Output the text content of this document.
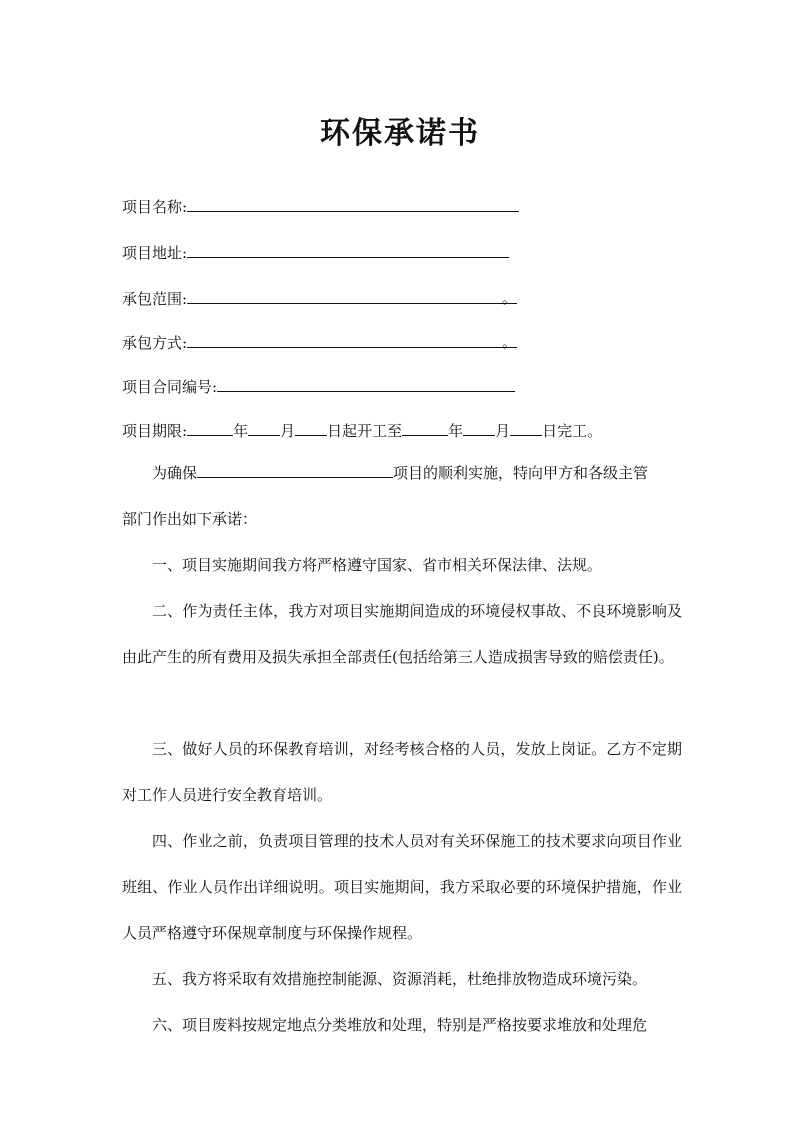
环保承诺书
项目名称:
项目地址:
承包范围:	。
承包方式:	。
项目合同编号:
项目期限:	年 月 日起开工至	年 月 日完工。
为确保	项目的顺利实施，特向甲方和各级主管
部门作出如下承诺：
一、项目实施期间我方将严格遵守国家、省市相关环保法律、法规。
二、作为责任主体，我方对项目实施期间造成的环境侵权事故、不良环境影响及由此产生的所有费用及损失承担全部责任(包括给第三人造成损害导致的赔偿责任)。
三、做好人员的环保教育培训，对经考核合格的人员，发放上岗证。乙方不定期对工作人员进行安全教育培训。
四、作业之前，负责项目管理的技术人员对有关环保施工的技术要求向项目作业班组、作业人员作出详细说明。项目实施期间，我方采取必要的环境保护措施，作业人员严格遵守环保规章制度与环保操作规程。
五、我方将采取有效措施控制能源、资源消耗，杜绝排放物造成环境污染。
六、项目废料按规定地点分类堆放和处理，特别是严格按要求堆放和处理危
